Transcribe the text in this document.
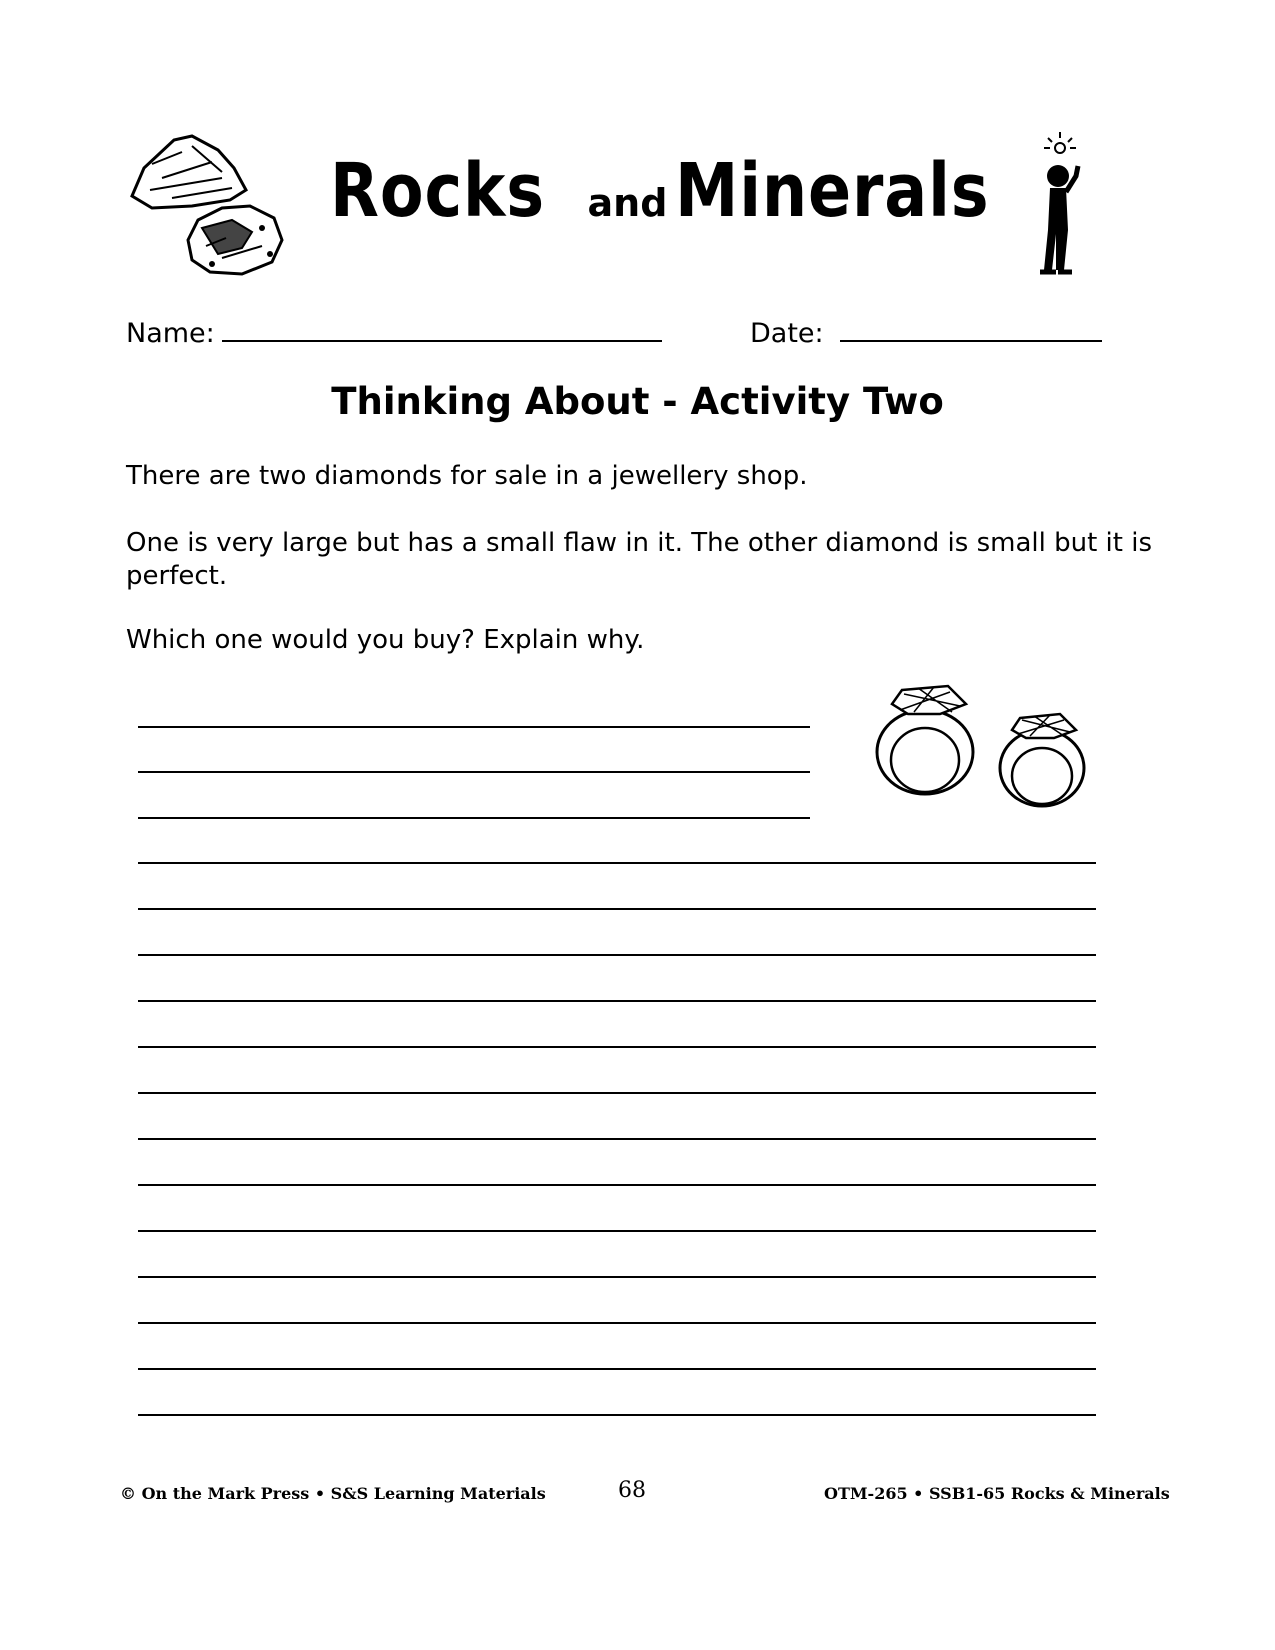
Rocks and Minerals
Name:	Date:
Thinking About - Activity Two
There are two diamonds for sale in a jewellery shop.
One is very large but has a small flaw in it. The other diamond is small but it is perfect.
Which one would you buy? Explain why.
© On the Mark Press • S&S Learning Materials	68	OTM-265 • SSB1-65 Rocks & Minerals
